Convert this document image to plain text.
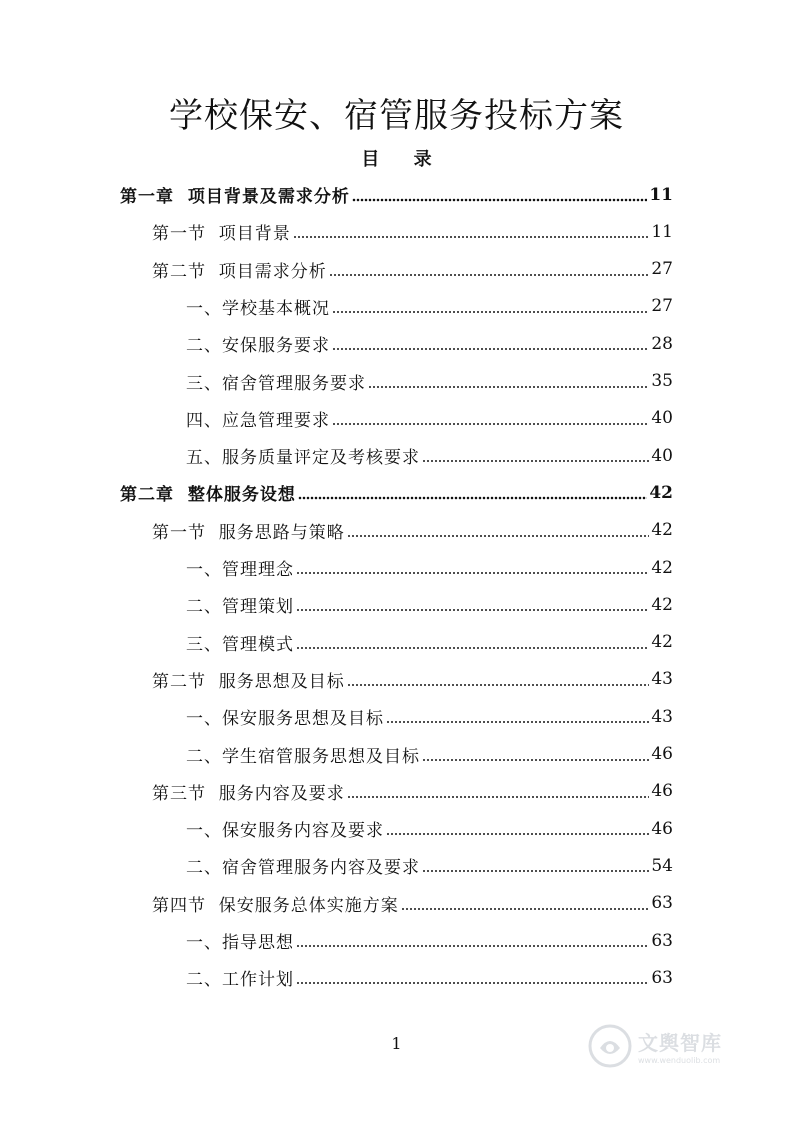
学校保安、宿管服务投标方案
目 录
第一章  项目背景及需求分析	11
第一节  项目背景	11
第二节  项目需求分析	27
一、学校基本概况	27
二、安保服务要求	28
三、宿舍管理服务要求	35
四、应急管理要求	40
五、服务质量评定及考核要求	40
第二章  整体服务设想	42
第一节  服务思路与策略	42
一、管理理念	42
二、管理策划	42
三、管理模式	42
第二节  服务思想及目标	43
一、保安服务思想及目标	43
二、学生宿管服务思想及目标	46
第三节  服务内容及要求	46
一、保安服务内容及要求	46
二、宿舍管理服务内容及要求	54
第四节  保安服务总体实施方案	63
一、指导思想	63
二、工作计划	63
1	文舆智库
www.wenduolib.com
